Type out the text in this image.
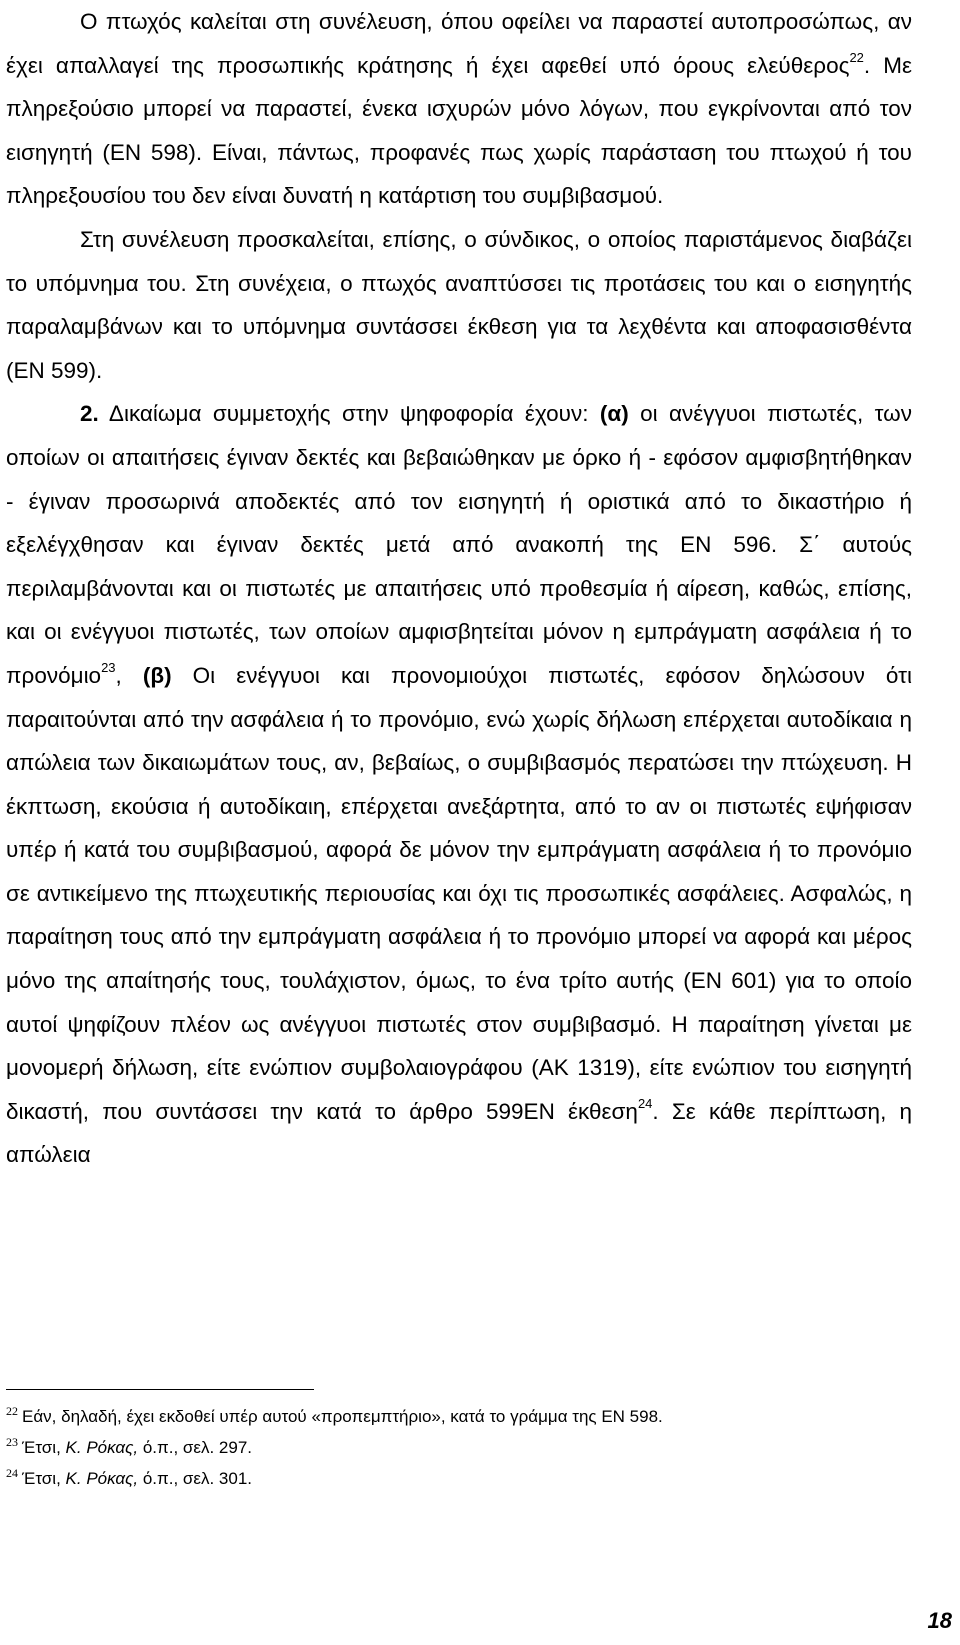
Ο πτωχός καλείται στη συνέλευση, όπου οφείλει να παραστεί αυτοπροσώπως, αν έχει απαλλαγεί της προσωπικής κράτησης ή έχει αφεθεί υπό όρους ελεύθερος$^{22}$. Με πληρεξούσιο μπορεί να παραστεί, ένεκα ισχυρών μόνο λόγων, που εγκρίνονται από τον εισηγητή (ΕΝ 598). Είναι, πάντως, προφανές πως χωρίς παράσταση του πτωχού ή του πληρεξουσίου του δεν είναι δυνατή η κατάρτιση του συμβιβασμού.

Στη συνέλευση προσκαλείται, επίσης, ο σύνδικος, ο οποίος παριστάμενος διαβάζει το υπόμνημα του. Στη συνέχεια, ο πτωχός αναπτύσσει τις προτάσεις του και ο εισηγητής παραλαμβάνων και το υπόμνημα συντάσσει έκθεση για τα λεχθέντα και αποφασισθέντα (ΕΝ 599).

2. Δικαίωμα συμμετοχής στην ψηφοφορία έχουν: (α) οι ανέγγυοι πιστωτές, των οποίων οι απαιτήσεις έγιναν δεκτές και βεβαιώθηκαν με όρκο ή - εφόσον αμφισβητήθηκαν - έγιναν προσωρινά αποδεκτές από τον εισηγητή ή οριστικά από το δικαστήριο ή εξελέγχθησαν και έγιναν δεκτές μετά από ανακοπή της ΕΝ 596. Σ΄ αυτούς περιλαμβάνονται και οι πιστωτές με απαιτήσεις υπό προθεσμία ή αίρεση, καθώς, επίσης, και οι ενέγγυοι πιστωτές, των οποίων αμφισβητείται μόνον η εμπράγματη ασφάλεια ή το προνόμιο$^{23}$, (β) Οι ενέγγυοι και προνομιούχοι πιστωτές, εφόσον δηλώσουν ότι παραιτούνται από την ασφάλεια ή το προνόμιο, ενώ χωρίς δήλωση επέρχεται αυτοδίκαια η απώλεια των δικαιωμάτων τους, αν, βεβαίως, ο συμβιβασμός περατώσει την πτώχευση. Η έκπτωση, εκούσια ή αυτοδίκαιη, επέρχεται ανεξάρτητα, από το αν οι πιστωτές εψήφισαν υπέρ ή κατά του συμβιβασμού, αφορά δε μόνον την εμπράγματη ασφάλεια ή το προνόμιο σε αντικείμενο της πτωχευτικής περιουσίας και όχι τις προσωπικές ασφάλειες. Ασφαλώς, η παραίτηση τους από την εμπράγματη ασφάλεια ή το προνόμιο μπορεί να αφορά και μέρος μόνο της απαίτησής τους, τουλάχιστον, όμως, το ένα τρίτο αυτής (ΕΝ 601) για το οποίο αυτοί ψηφίζουν πλέον ως ανέγγυοι πιστωτές στον συμβιβασμό. Η παραίτηση γίνεται με μονομερή δήλωση, είτε ενώπιον συμβολαιογράφου (ΑΚ 1319), είτε ενώπιον του εισηγητή δικαστή, που συντάσσει την κατά το άρθρο 599ΕΝ έκθεση$^{24}$. Σε κάθε περίπτωση, η απώλεια

$^{22}$ Εάν, δηλαδή, έχει εκδοθεί υπέρ αυτού «προπεμπτήριο», κατά το γράμμα της ΕΝ 598.

$^{23}$ Έτσι, Κ. Ρόκας, ό.π., σελ. 297.

$^{24}$ Έτσι, Κ. Ρόκας, ό.π., σελ. 301.

18
